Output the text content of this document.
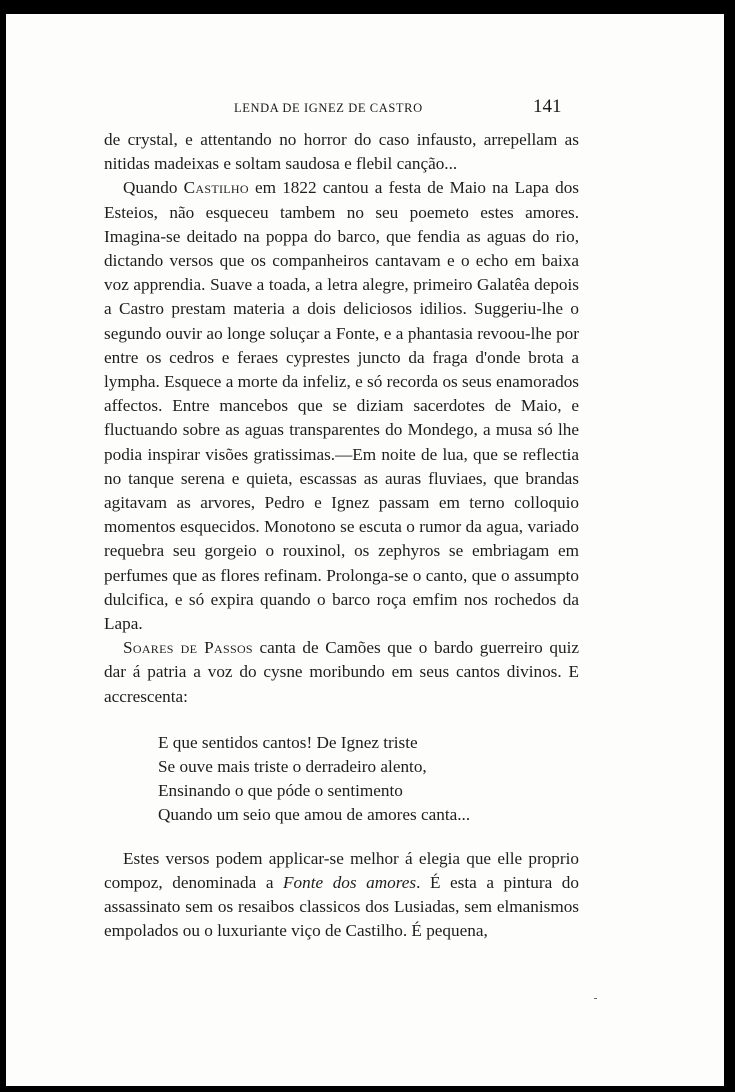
LENDA DE IGNEZ DE CASTRO	141

de crystal, e attentando no horror do caso infausto, arrepellam as nitidas madeixas e soltam saudosa e flebil canção...

Quando Castilho em 1822 cantou a festa de Maio na Lapa dos Esteios, não esqueceu tambem no seu poemeto estes amores. Imagina-se deitado na poppa do barco, que fendia as aguas do rio, dictando versos que os companheiros cantavam e o echo em baixa voz apprendia. Suave a toada, a letra alegre, primeiro Galatêa depois a Castro prestam materia a dois deliciosos idilios. Suggeriu-lhe o segundo ouvir ao longe soluçar a Fonte, e a phantasia revoou-lhe por entre os cedros e feraes cyprestes juncto da fraga d'onde brota a lympha. Esquece a morte da infeliz, e só recorda os seus enamorados affectos. Entre mancebos que se diziam sacerdotes de Maio, e fluctuando sobre as aguas transparentes do Mondego, a musa só lhe podia inspirar visões gratissimas.—Em noite de lua, que se reflectia no tanque serena e quieta, escassas as auras fluviaes, que brandas agitavam as arvores, Pedro e Ignez passam em terno colloquio momentos esquecidos. Monotono se escuta o rumor da agua, variado requebra seu gorgeio o rouxinol, os zephyros se embriagam em perfumes que as flores refinam. Prolonga-se o canto, que o assumpto dulcifica, e só expira quando o barco roça emfim nos rochedos da Lapa.

Soares de Passos canta de Camões que o bardo guerreiro quiz dar á patria a voz do cysne moribundo em seus cantos divinos. E accrescenta:

E que sentidos cantos! De Ignez triste
Se ouve mais triste o derradeiro alento,
Ensinando o que póde o sentimento
Quando um seio que amou de amores canta...

Estes versos podem applicar-se melhor á elegia que elle proprio compoz, denominada a Fonte dos amores. É esta a pintura do assassinato sem os resaibos classicos dos Lusiadas, sem elmanismos empolados ou o luxuriante viço de Castilho. É pequena,
